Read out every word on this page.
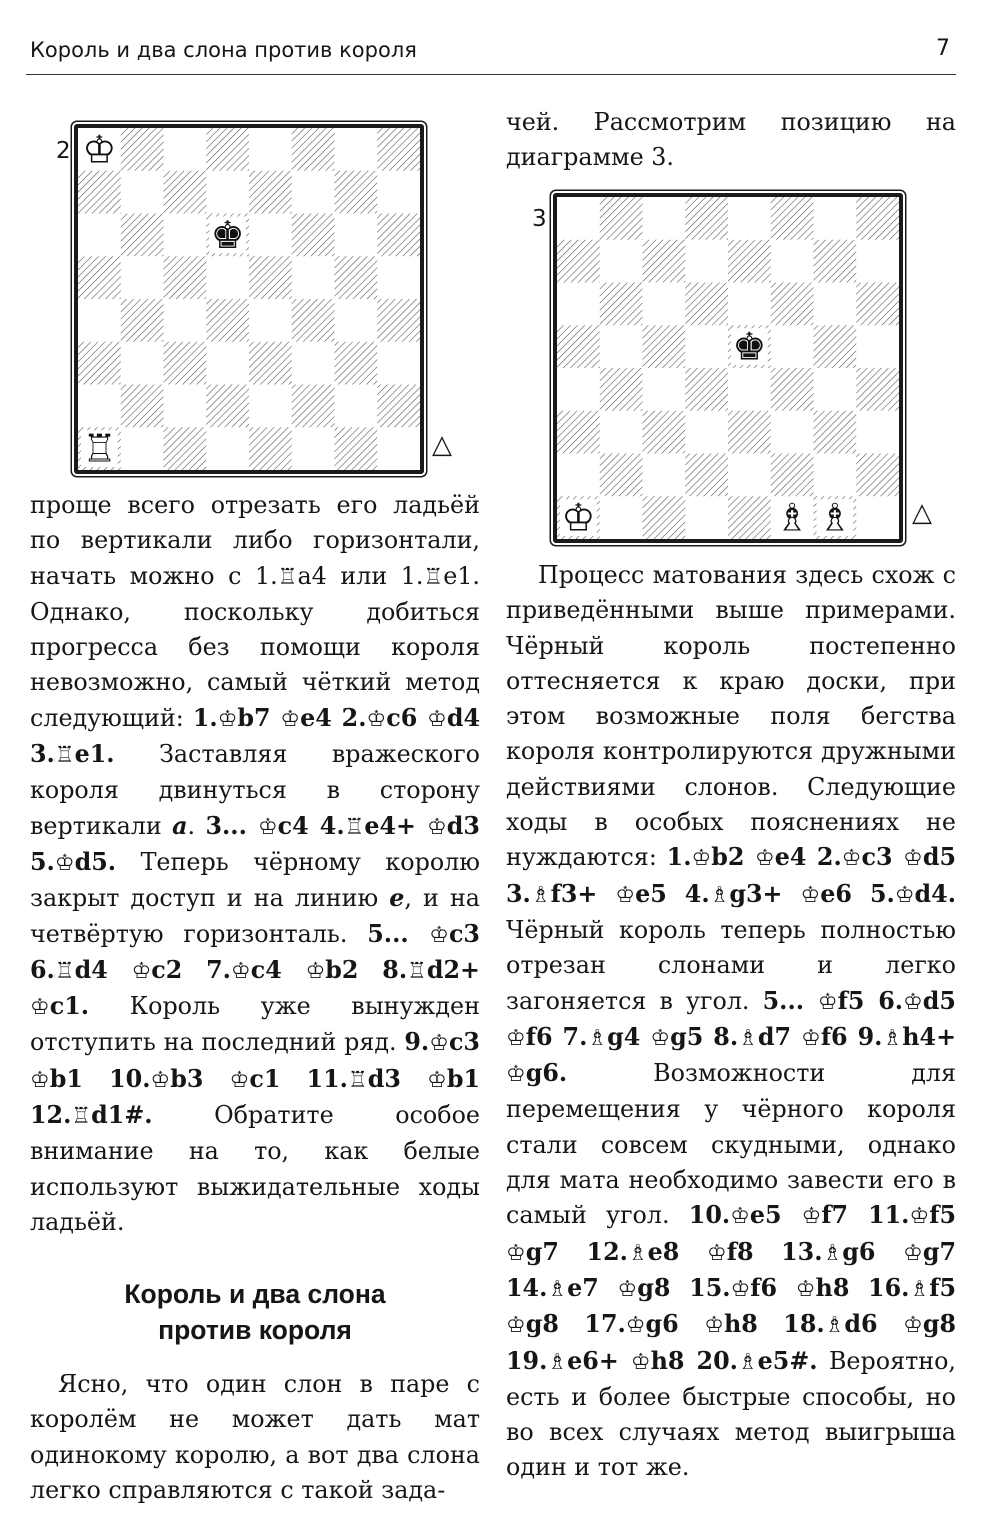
Король и два слона против короля	7
2 ♔
♚
♖	△
3
♚
♔	♗ ♗ △

проще всего отрезать его ладьёй по вертикали либо горизонтали, начать можно с 1.♖a4 или 1.♖e1. Однако, поскольку добиться прогресса без помощи короля невозможно, самый чёткий метод следующий: 1.♔b7 ♔e4 2.♔c6 ♔d4 3.♖e1. Заставляя вражеского короля двинуться в сторону вертикали a. 3... ♔c4 4.♖e4+ ♔d3 5.♔d5. Теперь чёрному королю закрыт доступ и на линию e, и на четвёртую горизонталь. 5... ♔c3 6.♖d4 ♔c2 7.♔c4 ♔b2 8.♖d2+ ♔c1. Король уже вынужден отступить на последний ряд. 9.♔c3 ♔b1 10.♔b3 ♔c1 11.♖d3 ♔b1 12.♖d1#. Обратите особое внимание на то, как белые используют выжидательные ходы ладьёй.

Король и два слона
против короля

Ясно, что один слон в паре с королём не может дать мат одинокому королю, а вот два слона легко справляются с такой зада-

чей. Рассмотрим позицию на диаграмме 3.

Процесс матования здесь схож с приведёнными выше примерами. Чёрный король постепенно оттесняется к краю доски, при этом возможные поля бегства короля контролируются дружными действиями слонов. Следующие ходы в особых пояснениях не нуждаются: 1.♔b2 ♔e4 2.♔c3 ♔d5 3.♗f3+ ♔e5 4.♗g3+ ♔e6 5.♔d4. Чёрный король теперь полностью отрезан слонами и легко загоняется в угол. 5... ♔f5 6.♔d5 ♔f6 7.♗g4 ♔g5 8.♗d7 ♔f6 9.♗h4+ ♔g6. Возможности для перемещения у чёрного короля стали совсем скудными, однако для мата необходимо завести его в самый угол. 10.♔e5 ♔f7 11.♔f5 ♔g7 12.♗e8 ♔f8 13.♗g6 ♔g7 14.♗e7 ♔g8 15.♔f6 ♔h8 16.♗f5 ♔g8 17.♔g6 ♔h8 18.♗d6 ♔g8 19.♗e6+ ♔h8 20.♗e5#. Вероятно, есть и более быстрые способы, но во всех случаях метод выигрыша один и тот же.
